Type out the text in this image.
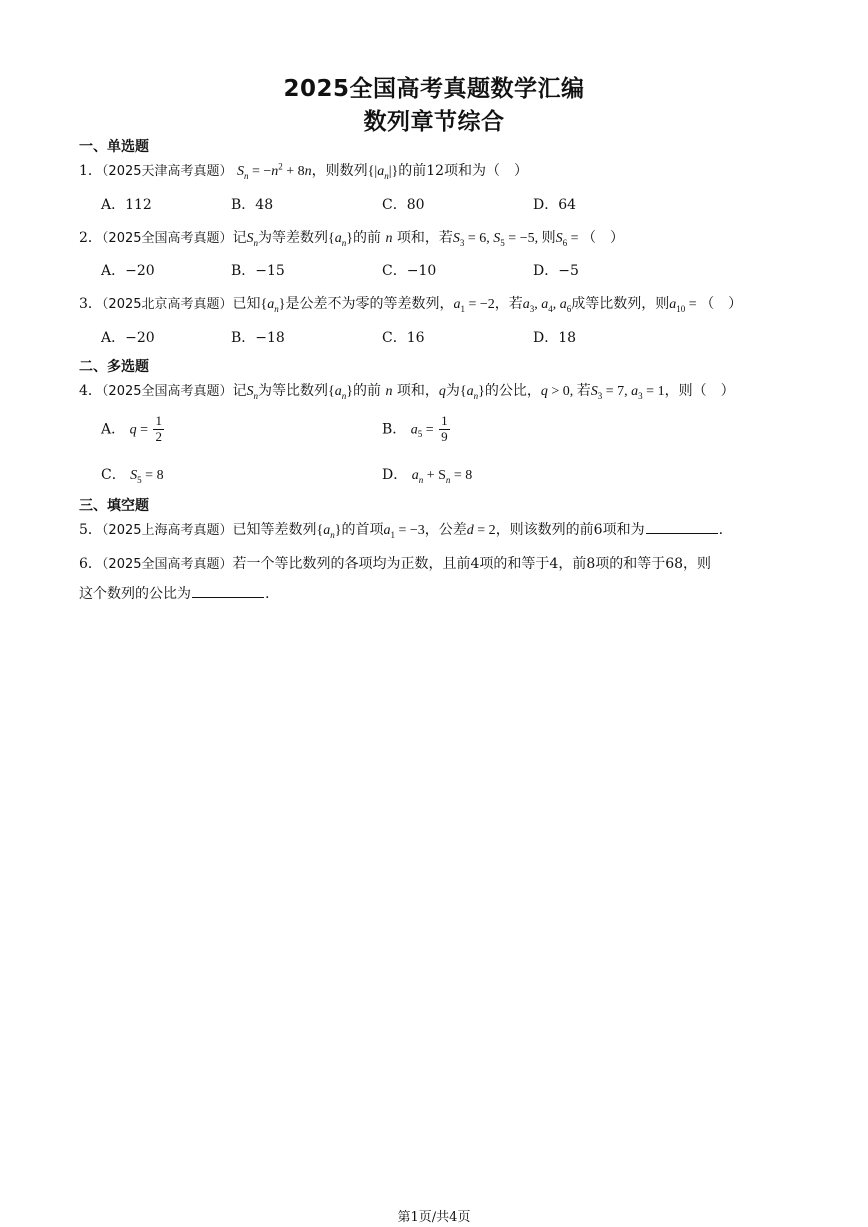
2025全国高考真题数学汇编
数列章节综合
一、单选题
1．（2025天津高考真题） $S_n = -n^2 + 8n$，则数列$\{|a_n|\}$的前12项和为（　）
A．112	B．48	C．80	D．64
2．（2025全国高考真题）记$S_n$为等差数列$\{a_n\}$的前 n 项和，若$S_3 = 6$, $S_5 = -5$, 则$S_6$ = （　）
A．−20	B．−15	C．−10	D．−5
3．（2025北京高考真题）已知$\{a_n\}$是公差不为零的等差数列，$a_1 = -2$，若$a_3$, $a_4$, $a_6$成等比数列，则$a_{10}$ = （　）
A．−20	B．−18	C．16	D．18
二、多选题
4．（2025全国高考真题）记$S_n$为等比数列$\{a_n\}$的前 n 项和，q为$\{a_n\}$的公比，q > 0, 若$S_3 = 7$, $a_3 = 1$，则（　）
A． $q = \frac{1}{2}$	B． $a_5 = \frac{1}{9}$
C． $S_5 = 8$	D． $a_n + S_n = 8$
三、填空题
5．（2025上海高考真题）已知等差数列$\{a_n\}$的首项$a_1 = -3$，公差d = 2，则该数列的前6项和为	.
6．（2025全国高考真题）若一个等比数列的各项均为正数，且前4项的和等于4，前8项的和等于68，则
这个数列的公比为	.
第1页/共4页
